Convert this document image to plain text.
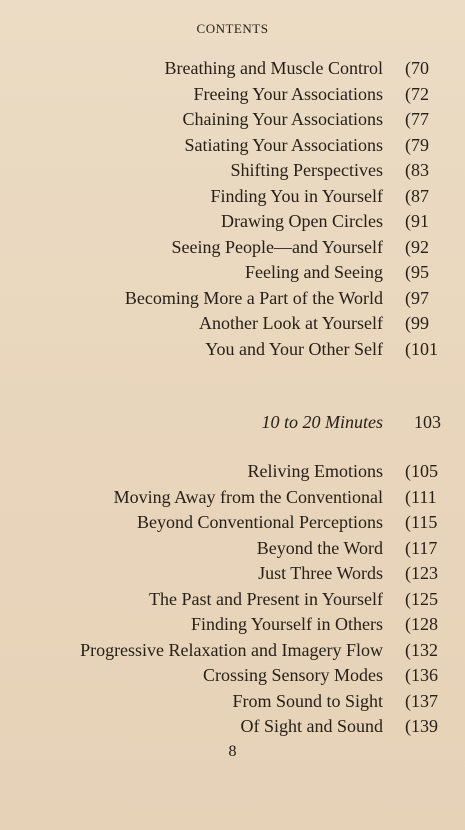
CONTENTS
Breathing and Muscle Control (70
Freeing Your Associations (72
Chaining Your Associations (77
Satiating Your Associations (79
Shifting Perspectives (83
Finding You in Yourself (87
Drawing Open Circles (91
Seeing People—and Yourself (92
Feeling and Seeing (95
Becoming More a Part of the World (97
Another Look at Yourself (99
You and Your Other Self (101
10 to 20 Minutes 103
Reliving Emotions (105
Moving Away from the Conventional (111
Beyond Conventional Perceptions (115
Beyond the Word (117
Just Three Words (123
The Past and Present in Yourself (125
Finding Yourself in Others (128
Progressive Relaxation and Imagery Flow (132
Crossing Sensory Modes (136
From Sound to Sight (137
Of Sight and Sound (139
8
